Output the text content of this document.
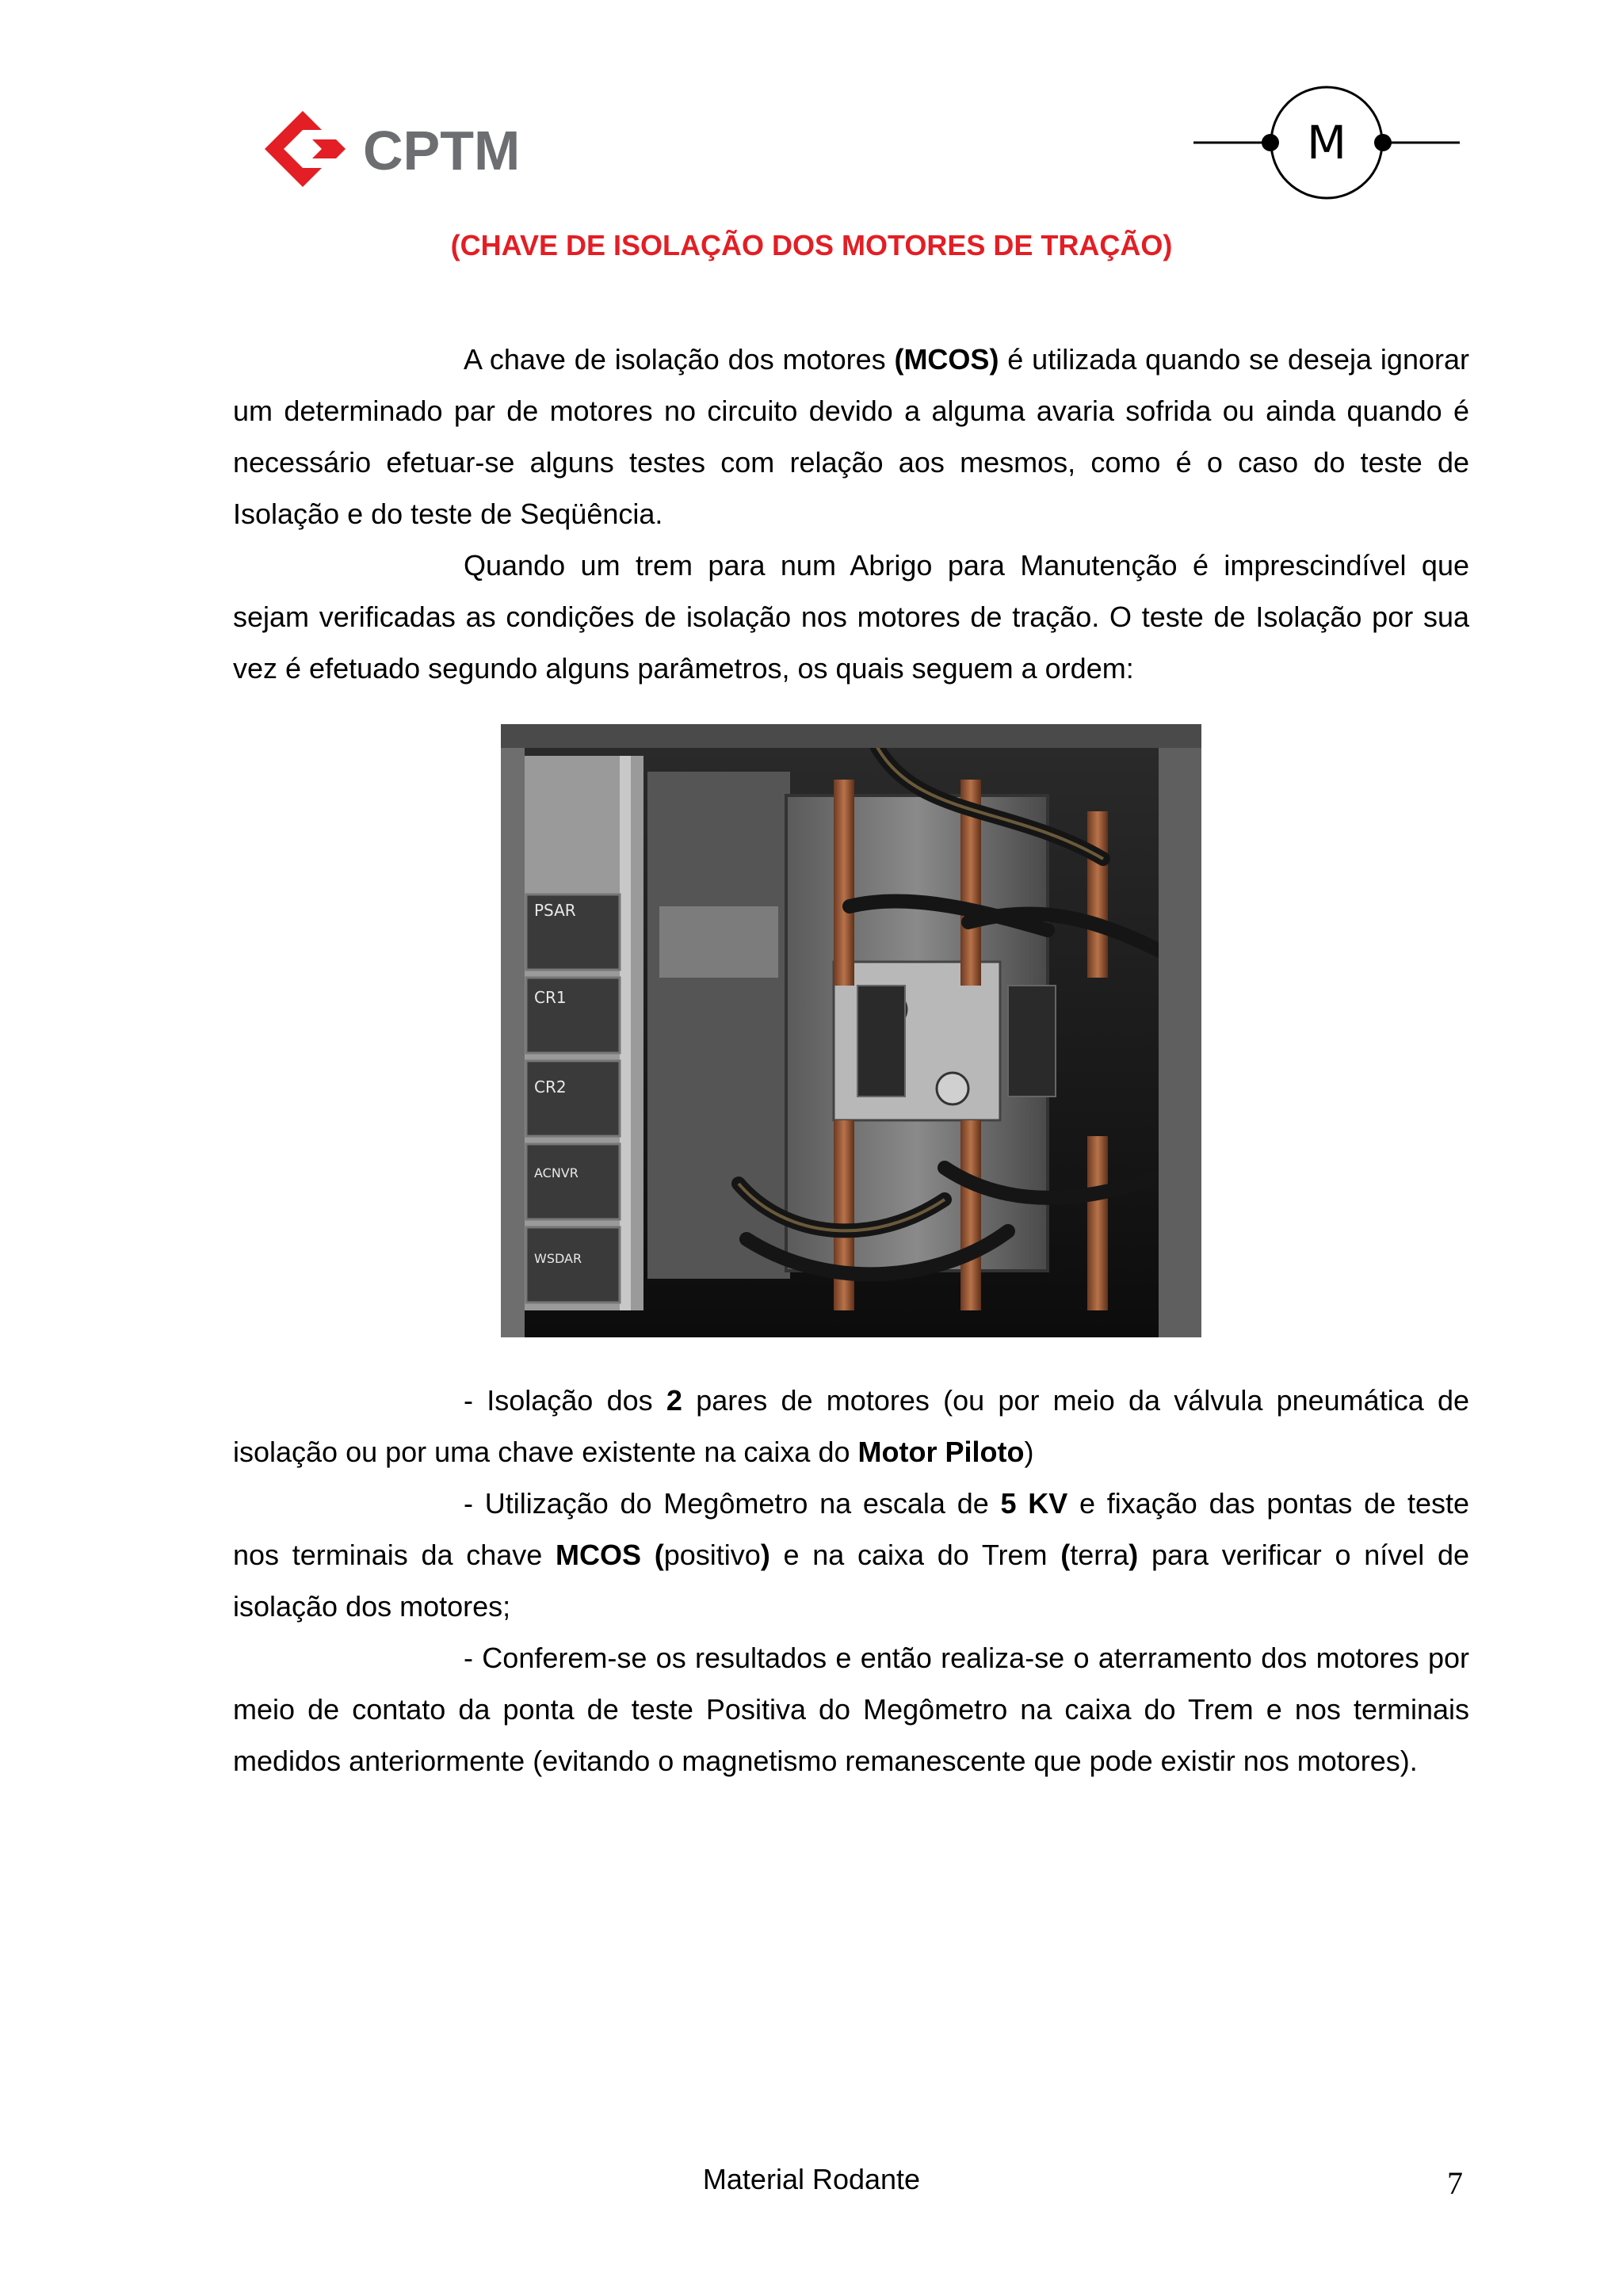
CPTM	M
(CHAVE DE ISOLAÇÃO DOS MOTORES DE TRAÇÃO)

A chave de isolação dos motores (MCOS) é utilizada quando se deseja ignorar um determinado par de motores no circuito devido a alguma avaria sofrida ou ainda quando é necessário efetuar-se alguns testes com relação aos mesmos, como é o caso do teste de Isolação e do teste de Seqüência.

Quando um trem para num Abrigo para Manutenção é imprescindível que sejam verificadas as condições de isolação nos motores de tração. O teste de Isolação por sua vez é efetuado segundo alguns parâmetros, os quais seguem a ordem:

PSAR
CR1
CR2
ACNVR
WSDAR

- Isolação dos 2 pares de motores (ou por meio da válvula pneumática de isolação ou por uma chave existente na caixa do Motor Piloto)

- Utilização do Megômetro na escala de 5 KV e fixação das pontas de teste nos terminais da chave MCOS (positivo) e na caixa do Trem (terra) para verificar o nível de isolação dos motores;

- Conferem-se os resultados e então realiza-se o aterramento dos motores por meio de contato da ponta de teste Positiva do Megômetro na caixa do Trem e nos terminais medidos anteriormente (evitando o magnetismo remanescente que pode existir nos motores).

Material Rodante	7
